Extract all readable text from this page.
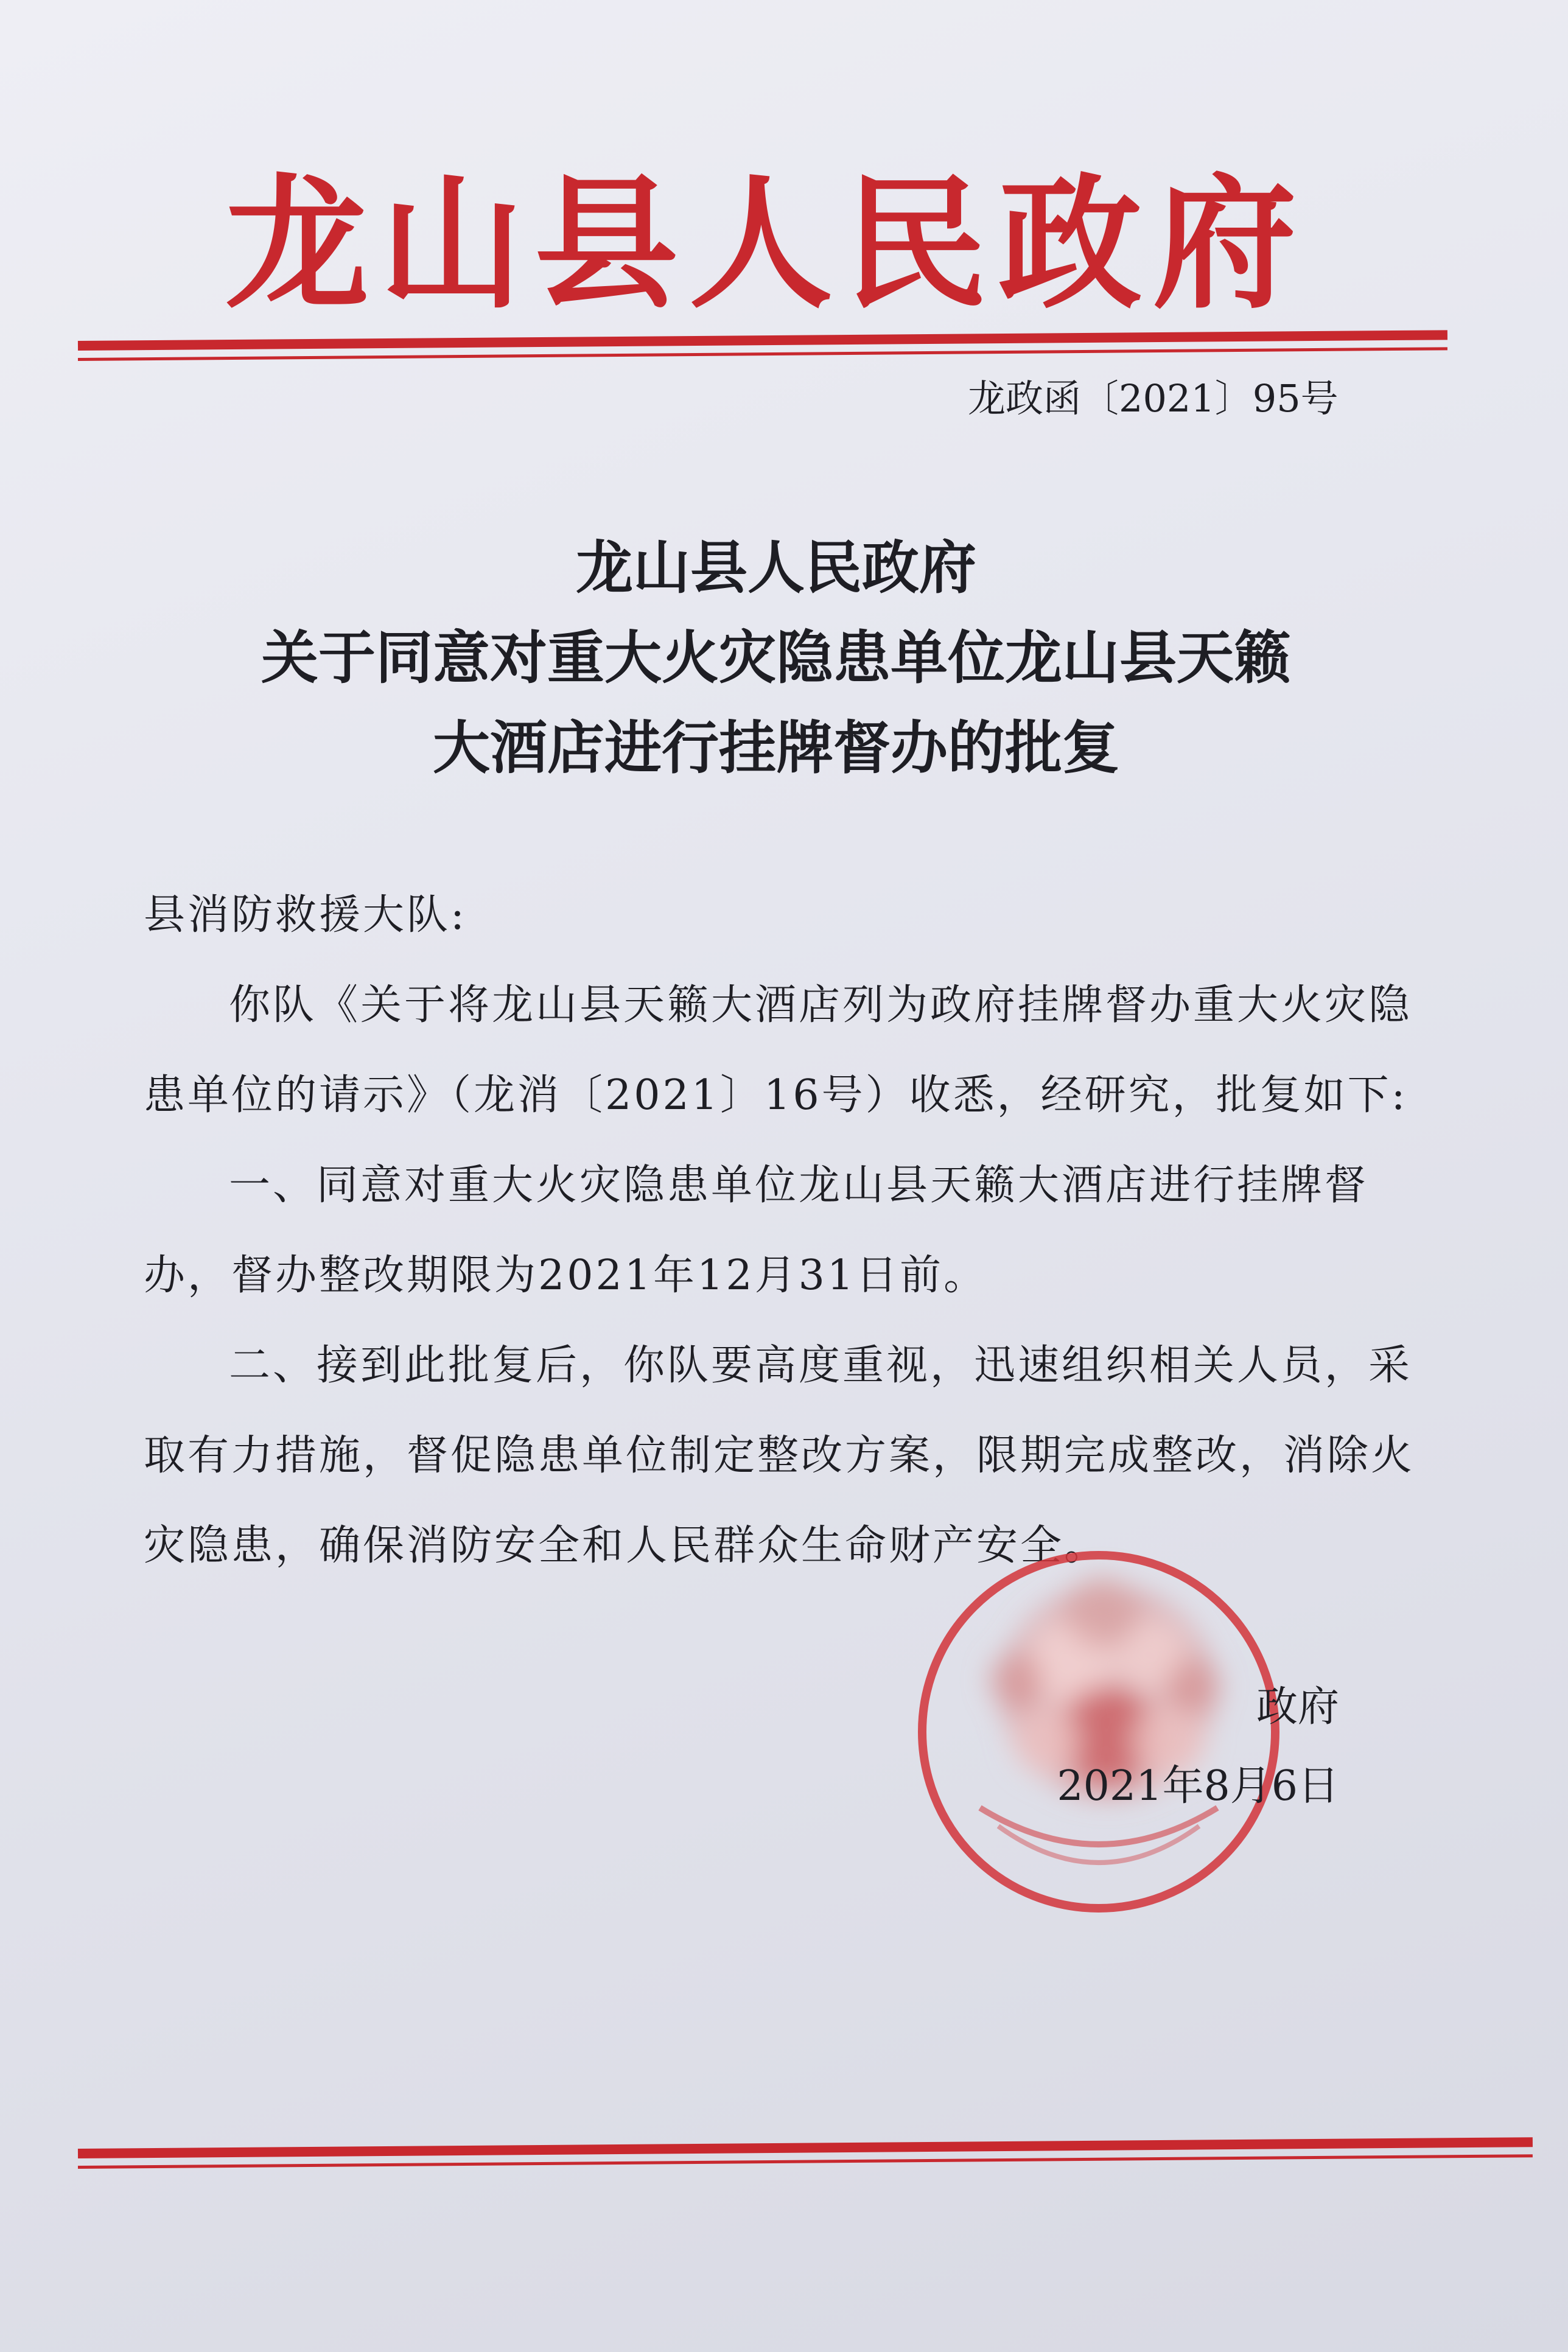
龙山县人民政府
龙政函〔2021〕95号
龙山县人民政府
关于同意对重大火灾隐患单位龙山县天籁
大酒店进行挂牌督办的批复

县消防救援大队:

你队《关于将龙山县天籁大酒店列为政府挂牌督办重大火灾隐患单位的请示》（龙消〔2021〕16号）收悉，经研究，批复如下:

一、同意对重大火灾隐患单位龙山县天籁大酒店进行挂牌督办，督办整改期限为2021年12月31日前。

二、接到此批复后，你队要高度重视，迅速组织相关人员，采取有力措施，督促隐患单位制定整改方案，限期完成整改，消除火灾隐患，确保消防安全和人民群众生命财产安全。

政府
2021年8月6日
